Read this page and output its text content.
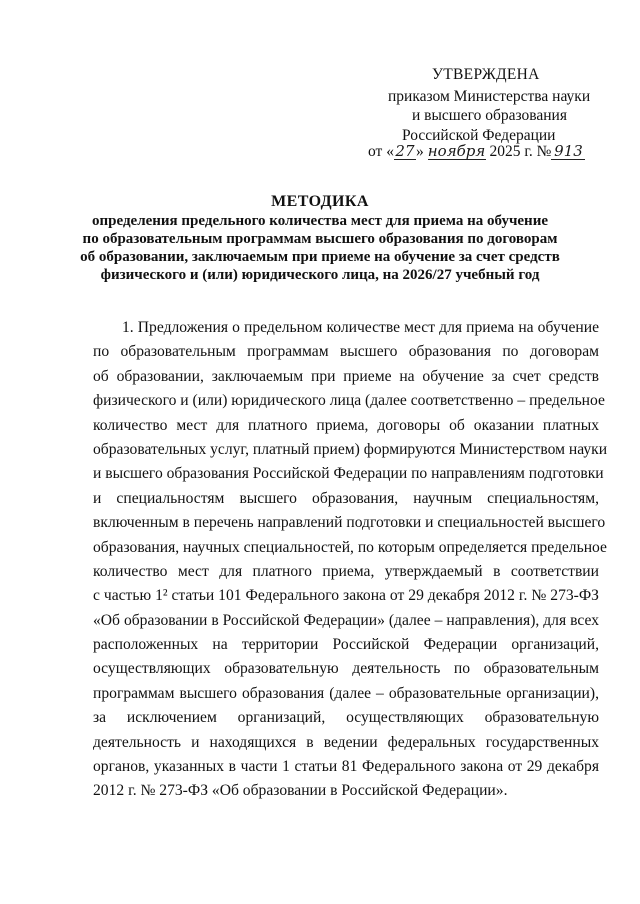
УТВЕРЖДЕНА
приказом Министерства науки
и высшего образования
Российской Федерации
от «27» ноября 2025 г. № 913
МЕТОДИКА
определения предельного количества мест для приема на обучение
по образовательным программам высшего образования по договорам
об образовании, заключаемым при приеме на обучение за счет средств
физического и (или) юридического лица, на 2026/27 учебный год
1. Предложения о предельном количестве мест для приема на обучение
по образовательным программам высшего образования по договорам
об образовании, заключаемым при приеме на обучение за счет средств
физического и (или) юридического лица (далее соответственно – предельное
количество мест для платного приема, договоры об оказании платных
образовательных услуг, платный прием) формируются Министерством науки
и высшего образования Российской Федерации по направлениям подготовки
и специальностям высшего образования, научным специальностям,
включенным в перечень направлений подготовки и специальностей высшего
образования, научных специальностей, по которым определяется предельное
количество мест для платного приема, утверждаемый в соответствии
с частью 1² статьи 101 Федерального закона от 29 декабря 2012 г. № 273-ФЗ
«Об образовании в Российской Федерации» (далее – направления), для всех
расположенных на территории Российской Федерации организаций,
осуществляющих образовательную деятельность по образовательным
программам высшего образования (далее – образовательные организации),
за исключением организаций, осуществляющих образовательную
деятельность и находящихся в ведении федеральных государственных
органов, указанных в части 1 статьи 81 Федерального закона от 29 декабря
2012 г. № 273-ФЗ «Об образовании в Российской Федерации».
